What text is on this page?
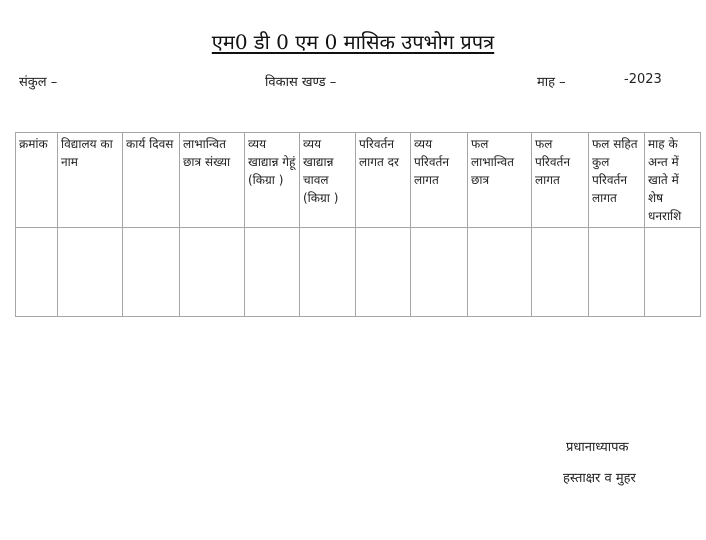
एम0 डी 0 एम 0 मासिक उपभोग प्रपत्र
संकुल –	विकास खण्ड –	माह –	-2023
क्रमांक	विद्यालय का नाम	कार्य दिवस	लाभान्वित छात्र संख्या	व्यय खाद्यान्न गेहूं (किग्रा )	व्यय खाद्यान्न चावल (किग्रा )	परिवर्तन लागत दर	व्यय परिवर्तन लागत	फल लाभान्वित छात्र	फल परिवर्तन लागत	फल सहित कुल परिवर्तन लागत	माह के अन्त में खाते में शेष धनराशि

प्रधानाध्यापक
हस्ताक्षर व मुहर
